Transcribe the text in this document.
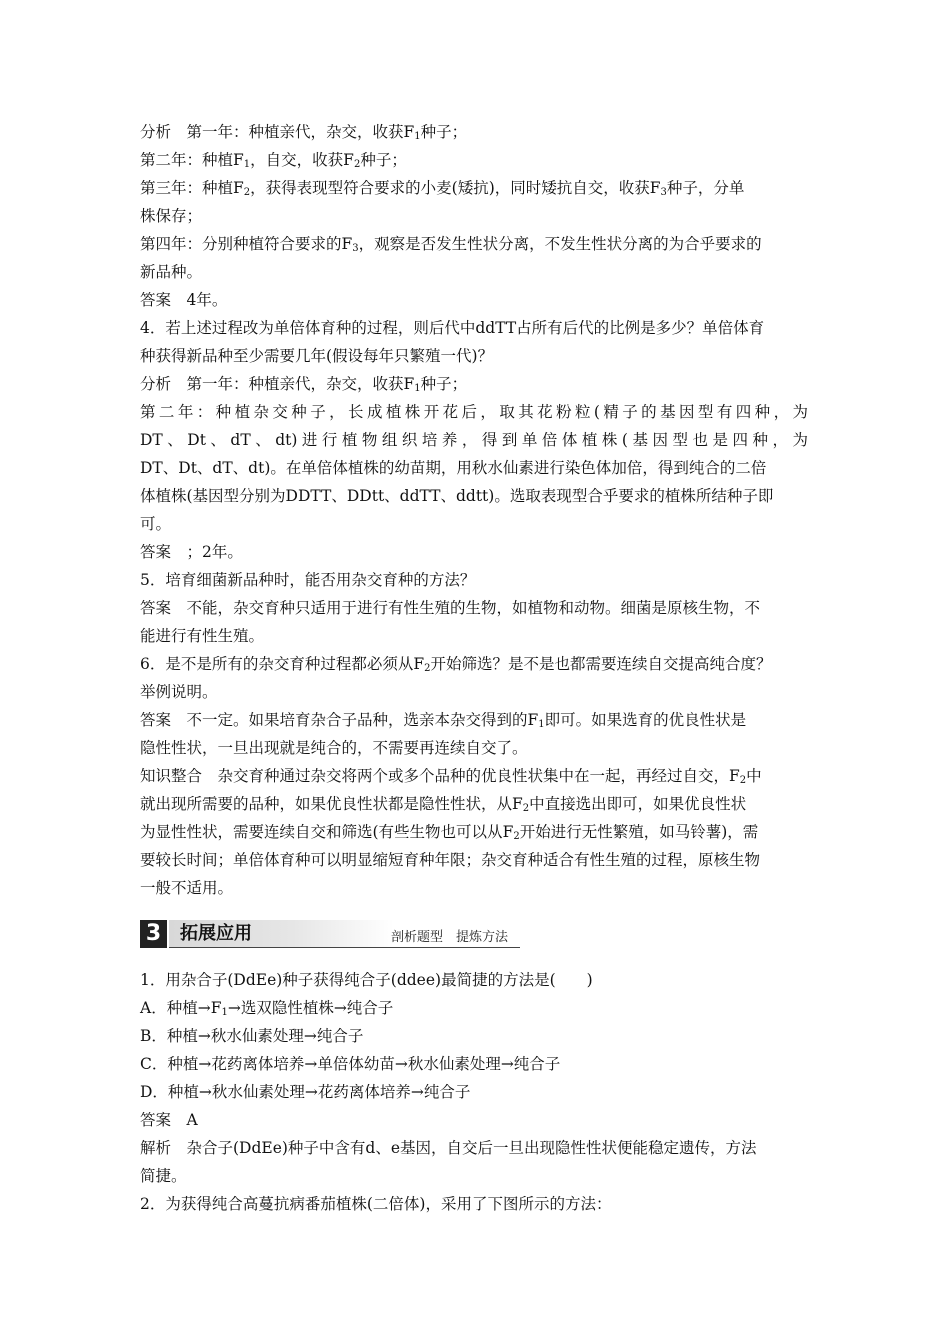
分析　第一年：种植亲代，杂交，收获$F_1$种子；
第二年：种植$F_1$，自交，收获$F_2$种子；
第三年：种植$F_2$，获得表现型符合要求的小麦(矮抗)，同时矮抗自交，收获$F_3$种子，分单
株保存；
第四年：分别种植符合要求的$F_3$，观察是否发生性状分离，不发生性状分离的为合乎要求的
新品种。
答案　4年。
4．若上述过程改为单倍体育种的过程，则后代中ddTT占所有后代的比例是多少？单倍体育
种获得新品种至少需要几年(假设每年只繁殖一代)？
分析　第一年：种植亲代，杂交，收获$F_1$种子；
第二年：种植杂交种子，长成植株开花后，取其花粉粒(精子的基因型有四种，为
DT、Dt、dT、dt)进行植物组织培养，得到单倍体植株(基因型也是四种，为
DT、Dt、dT、dt)。在单倍体植株的幼苗期，用秋水仙素进行染色体加倍，得到纯合的二倍
体植株(基因型分别为DDTT、DDtt、ddTT、ddtt)。选取表现型合乎要求的植株所结种子即
可。
答案　；2年。
5．培育细菌新品种时，能否用杂交育种的方法？
答案　不能，杂交育种只适用于进行有性生殖的生物，如植物和动物。细菌是原核生物，不
能进行有性生殖。
6．是不是所有的杂交育种过程都必须从$F_2$开始筛选？是不是也都需要连续自交提高纯合度？
举例说明。
答案　不一定。如果培育杂合子品种，选亲本杂交得到的$F_1$即可。如果选育的优良性状是
隐性性状，一旦出现就是纯合的，不需要再连续自交了。
知识整合　杂交育种通过杂交将两个或多个品种的优良性状集中在一起，再经过自交，$F_2$中
就出现所需要的品种，如果优良性状都是隐性性状，从$F_2$中直接选出即可，如果优良性状
为显性性状，需要连续自交和筛选(有些生物也可以从$F_2$开始进行无性繁殖，如马铃薯)，需
要较长时间；单倍体育种可以明显缩短育种年限；杂交育种适合有性生殖的过程，原核生物
一般不适用。
3	拓展应用	剖析题型　提炼方法
1．用杂合子(DdEe)种子获得纯合子(ddee)最简捷的方法是(　　)
A．种植$\to F_1\to$选双隐性植株→纯合子
B．种植→秋水仙素处理→纯合子
C．种植→花药离体培养→单倍体幼苗→秋水仙素处理→纯合子
D．种植→秋水仙素处理→花药离体培养→纯合子
答案　A
解析　杂合子(DdEe)种子中含有d、e基因，自交后一旦出现隐性性状便能稳定遗传，方法
简捷。
2．为获得纯合高蔓抗病番茄植株(二倍体)，采用了下图所示的方法：
